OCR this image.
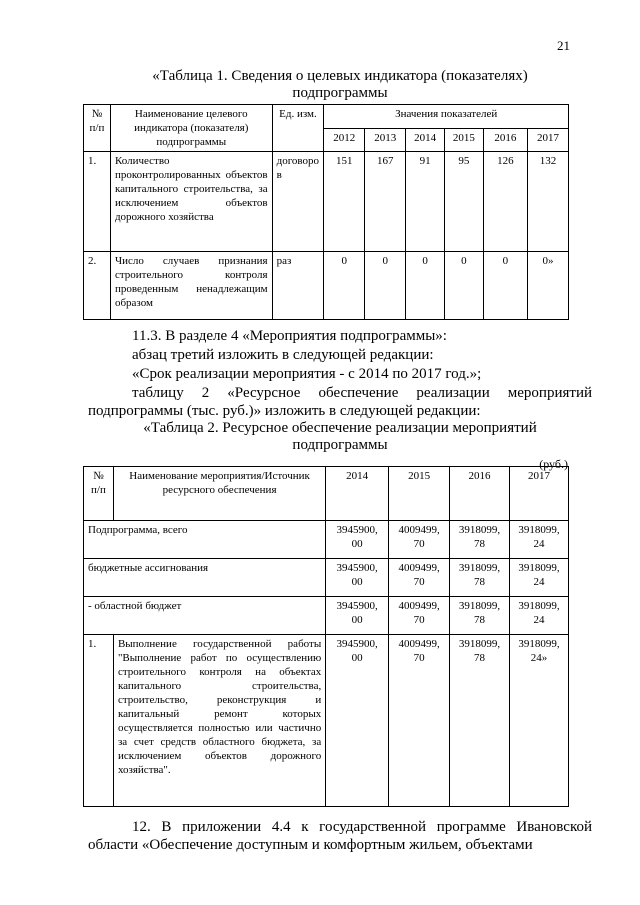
21
«Таблица 1. Сведения о целевых индикатора (показателях)
подпрограммы
№ п/п	Наименование целевого индикатора (показателя) подпрограммы	Ед. изм.	Значения показателей					
			2012	2013	2014	2015	2016	2017
1.	Количество проконтролированных объектов капитального строительства, за исключением объектов дорожного хозяйства	договоров	151	167	91	95	126	132
2.	Число случаев признания строительного контроля проведенным ненадлежащим образом	раз	0	0	0	0	0	0»
11.3. В разделе 4 «Мероприятия подпрограммы»:
абзац третий изложить в следующей редакции:
«Срок реализации мероприятия - с 2014 по 2017 год.»;
таблицу 2 «Ресурсное обеспечение реализации мероприятий подпрограммы (тыс. руб.)» изложить в следующей редакции:
«Таблица 2. Ресурсное обеспечение реализации мероприятий
подпрограммы
(руб.)
№ п/п	Наименование мероприятия/Источник ресурсного обеспечения	2014	2015	2016	2017
Подпрограмма, всего		3945900, 00	4009499, 70	3918099, 78	3918099, 24
бюджетные ассигнования		3945900, 00	4009499, 70	3918099, 78	3918099, 24
- областной бюджет		3945900, 00	4009499, 70	3918099, 78	3918099, 24
1.	Выполнение государственной работы "Выполнение работ по осуществлению строительного контроля на объектах капитального строительства, строительство, реконструкция и капитальный ремонт которых осуществляется полностью или частично за счет средств областного бюджета, за исключением объектов дорожного хозяйства".	3945900, 00	4009499, 70	3918099, 78	3918099, 24»
12. В приложении 4.4 к государственной программе Ивановской области «Обеспечение доступным и комфортным жильем, объектами
